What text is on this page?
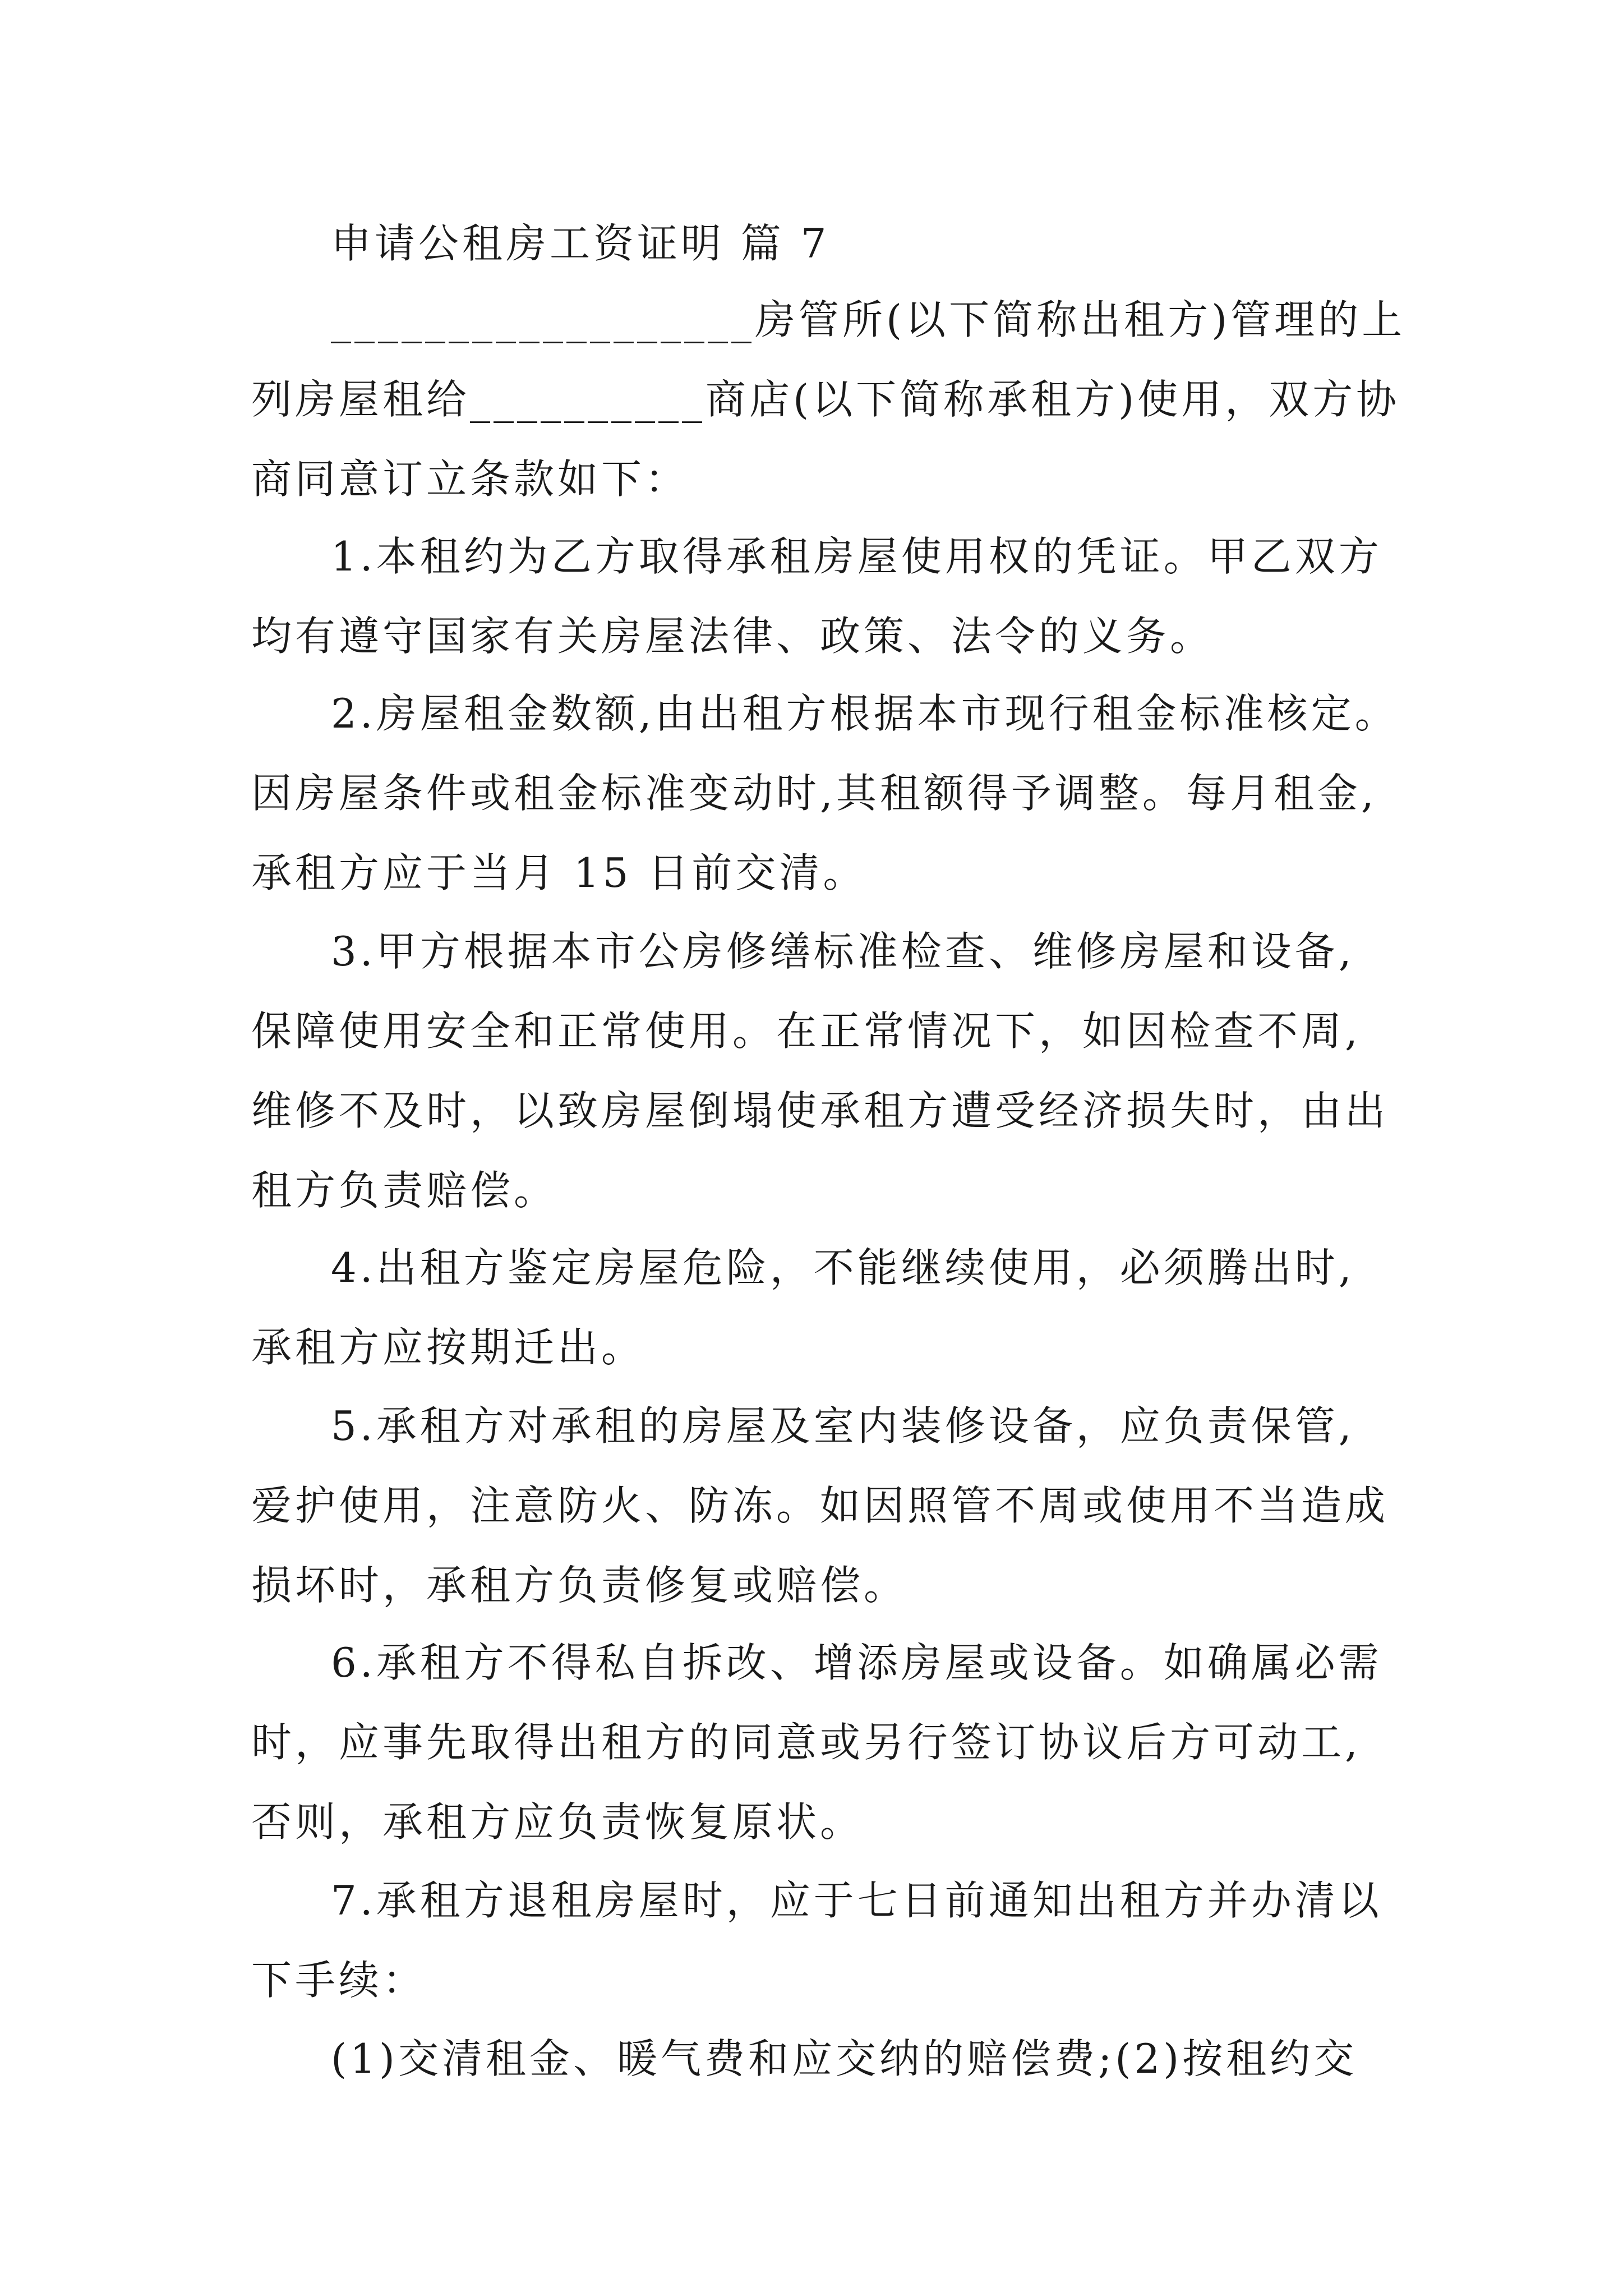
申请公租房工资证明 篇 7
__________________房管所(以下简称出租方)管理的上
列房屋租给__________商店(以下简称承租方)使用，双方协
商同意订立条款如下：
1.本租约为乙方取得承租房屋使用权的凭证。甲乙双方
均有遵守国家有关房屋法律、政策、法令的义务。
2.房屋租金数额,由出租方根据本市现行租金标准核定。
因房屋条件或租金标准变动时,其租额得予调整。每月租金,
承租方应于当月 15 日前交清。
3.甲方根据本市公房修缮标准检查、维修房屋和设备,
保障使用安全和正常使用。在正常情况下，如因检查不周,
维修不及时，以致房屋倒塌使承租方遭受经济损失时，由出
租方负责赔偿。
4.出租方鉴定房屋危险，不能继续使用，必须腾出时,
承租方应按期迁出。
5.承租方对承租的房屋及室内装修设备，应负责保管,
爱护使用，注意防火、防冻。如因照管不周或使用不当造成
损坏时，承租方负责修复或赔偿。
6.承租方不得私自拆改、增添房屋或设备。如确属必需
时，应事先取得出租方的同意或另行签订协议后方可动工,
否则，承租方应负责恢复原状。
7.承租方退租房屋时，应于七日前通知出租方并办清以
下手续：
(1)交清租金、暖气费和应交纳的赔偿费;(2)按租约交
